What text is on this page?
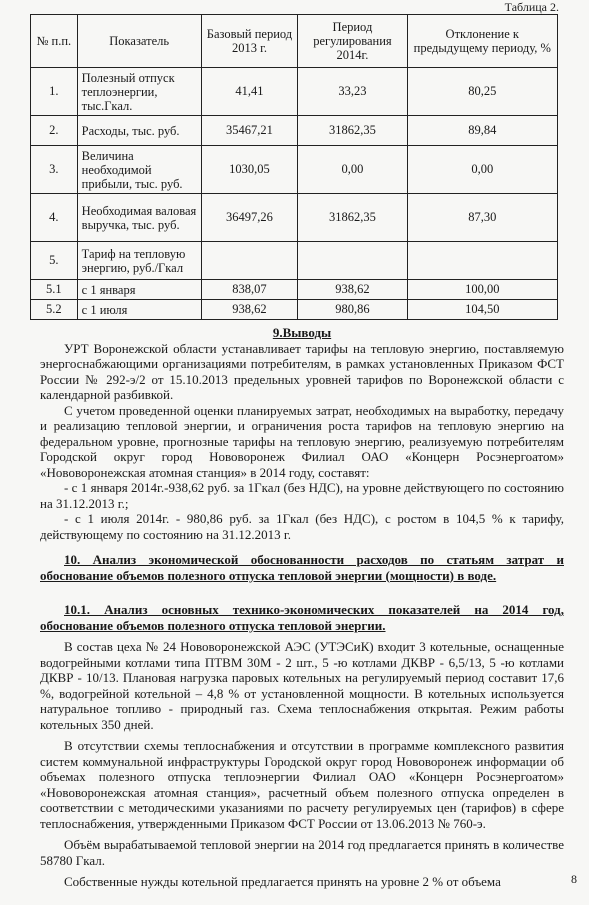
Таблица 2.
№ п.п.	Показатель	Базовый период 2013 г.	Период регулирования 2014г.	Отклонение к предыдущему периоду, %
1.	Полезный отпуск теплоэнергии, тыс.Гкал.	41,41	33,23	80,25
2.	Расходы, тыс. руб.	35467,21	31862,35	89,84
3.	Величина необходимой прибыли, тыс. руб.	1030,05	0,00	0,00
4.	Необходимая валовая выручка, тыс. руб.	36497,26	31862,35	87,30
5.	Тариф на тепловую энергию, руб./Гкал			
5.1	с 1 января	838,07	938,62	100,00
5.2	с 1 июля	938,62	980,86	104,50

9.Выводы

УРТ Воронежской области устанавливает тарифы на тепловую энергию, поставляемую энергоснабжающими организациями потребителям, в рамках установленных Приказом ФСТ России № 292-э/2 от 15.10.2013 предельных уровней тарифов по Воронежской области с календарной разбивкой.

С учетом проведенной оценки планируемых затрат, необходимых на выработку, передачу и реализацию тепловой энергии, и ограничения роста тарифов на тепловую энергию на федеральном уровне, прогнозные тарифы на тепловую энергию, реализуемую потребителям Городской округ город Нововоронеж Филиал ОАО «Концерн Росэнергоатом» «Нововоронежская атомная станция» в 2014 году, составят:

- с 1 января 2014г.-938,62 руб. за 1Гкал (без НДС), на уровне действующего по состоянию на 31.12.2013 г.;

- с 1 июля 2014г. - 980,86 руб. за 1Гкал (без НДС), с ростом в 104,5 % к тарифу, действующему по состоянию на 31.12.2013 г.

10. Анализ экономической обоснованности расходов по статьям затрат и обоснование объемов полезного отпуска тепловой энергии (мощности) в воде.

10.1. Анализ основных технико-экономических показателей на 2014 год, обоснование объемов полезного отпуска тепловой энергии.

В состав цеха № 24 Нововоронежской АЭС (УТЭСиК) входит 3 котельные, оснащенные водогрейными котлами типа ПТВМ 30М - 2 шт., 5 -ю котлами ДКВР - 6,5/13, 5 -ю котлами ДКВР - 10/13. Плановая нагрузка паровых котельных на регулируемый период составит 17,6 %, водогрейной котельной – 4,8 % от установленной мощности. В котельных используется натуральное топливо - природный газ. Схема теплоснабжения открытая. Режим работы котельных 350 дней.

В отсутствии схемы теплоснабжения и отсутствии в программе комплексного развития систем коммунальной инфраструктуры Городской округ город Нововоронеж информации об объемах полезного отпуска теплоэнергии Филиал ОАО «Концерн Росэнергоатом» «Нововоронежская атомная станция», расчетный объем полезного отпуска определен в соответствии с методическими указаниями по расчету регулируемых цен (тарифов) в сфере теплоснабжения, утвержденными Приказом ФСТ России от 13.06.2013 № 760-э.

Объём вырабатываемой тепловой энергии на 2014 год предлагается принять в количестве 58780 Гкал.

Собственные нужды котельной предлагается принять на уровне 2 % от объема	8
